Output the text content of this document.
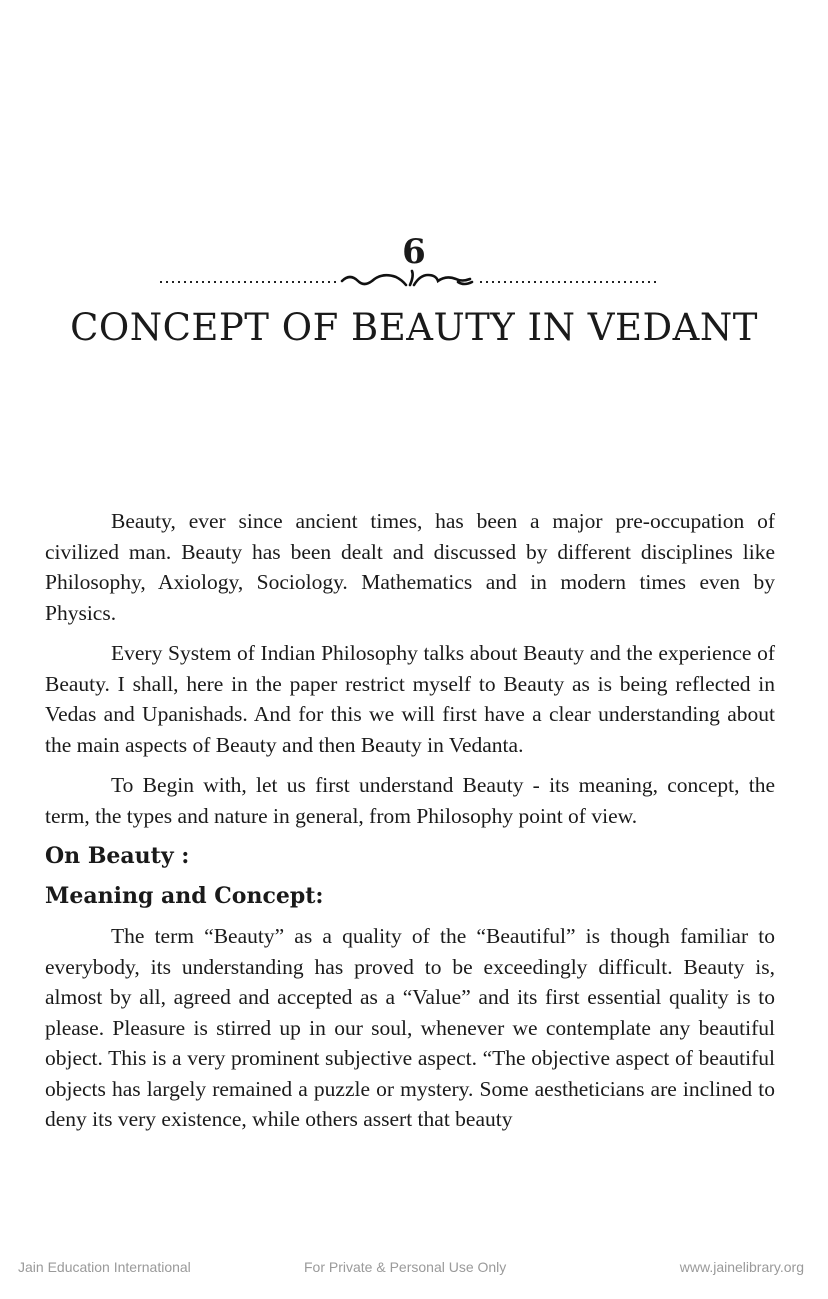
6
CONCEPT OF BEAUTY IN VEDANT

Beauty, ever since ancient times, has been a major pre-occupation of civilized man. Beauty has been dealt and discussed by different disciplines like Philosophy, Axiology, Sociology. Mathematics and in modern times even by Physics.

Every System of Indian Philosophy talks about Beauty and the experience of Beauty. I shall, here in the paper restrict myself to Beauty as is being reflected in Vedas and Upanishads. And for this we will first have a clear understanding about the main aspects of Beauty and then Beauty in Vedanta.

To Begin with, let us first understand Beauty - its meaning, concept, the term, the types and nature in general, from Philosophy point of view.

On Beauty :
Meaning and Concept:

The term “Beauty” as a quality of the “Beautiful” is though familiar to everybody, its understanding has proved to be exceedingly difficult. Beauty is, almost by all, agreed and accepted as a “Value” and its first essential quality is to please. Pleasure is stirred up in our soul, whenever we contemplate any beautiful object. This is a very prominent subjective aspect. “The objective aspect of beautiful objects has largely remained a puzzle or mystery. Some aestheticians are inclined to deny its very existence, while others assert that beauty

Jain Education International	For Private & Personal Use Only	www.jainelibrary.org
